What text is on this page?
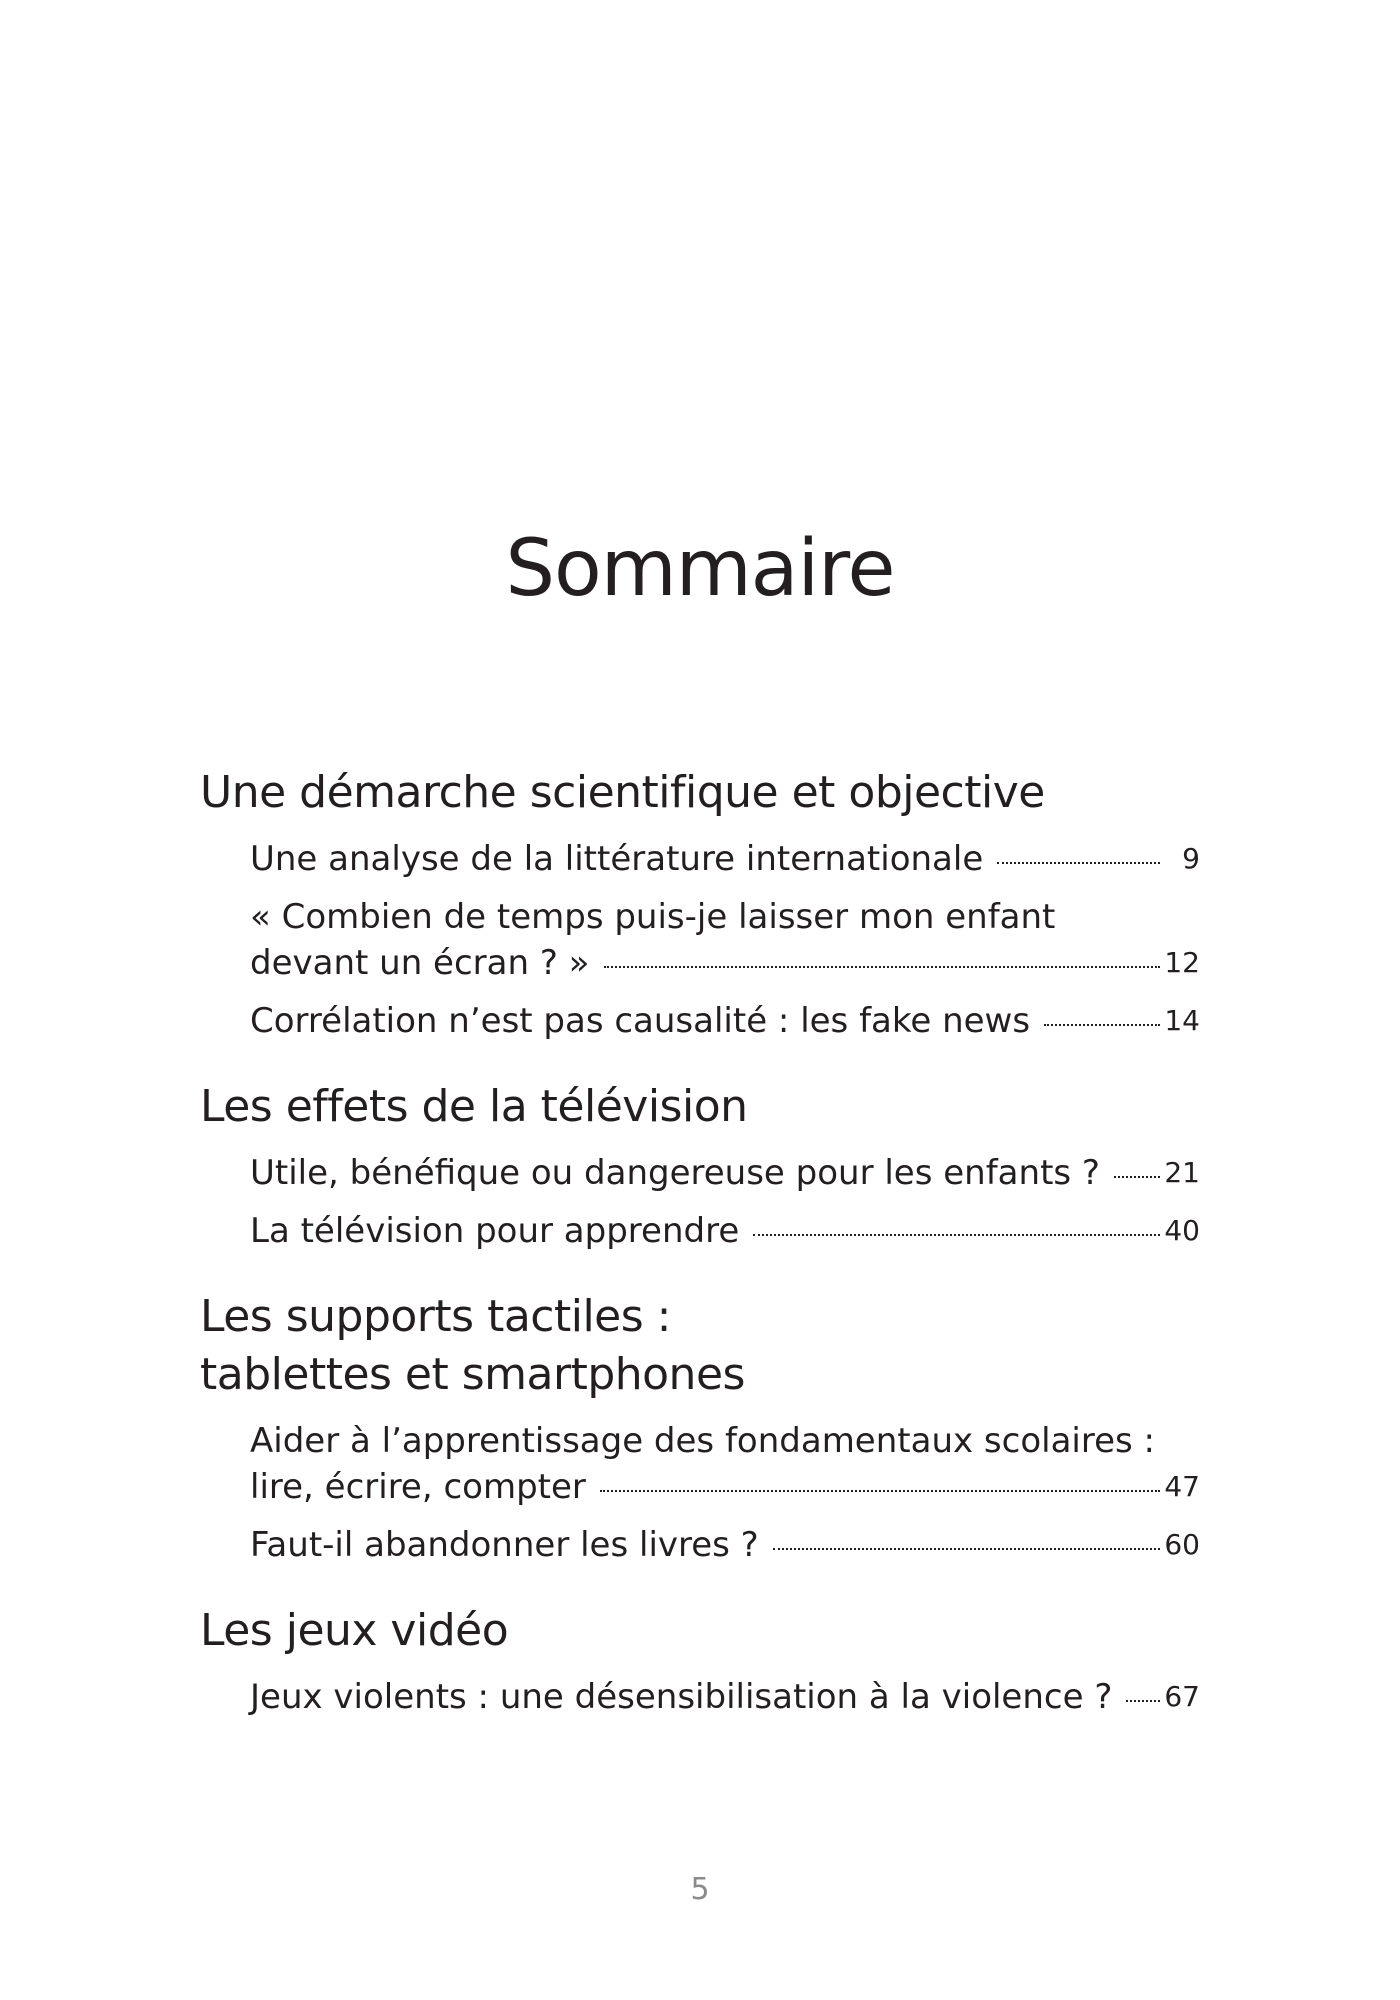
Sommaire
Une démarche scientifique et objective
Une analyse de la littérature internationale	9
« Combien de temps puis-je laisser mon enfant
devant un écran ? »	12
Corrélation n’est pas causalité : les fake news	14
Les effets de la télévision
Utile, bénéfique ou dangereuse pour les enfants ?	21
La télévision pour apprendre	40
Les supports tactiles :
tablettes et smartphones
Aider à l’apprentissage des fondamentaux scolaires :
lire, écrire, compter	47
Faut-il abandonner les livres ?	60
Les jeux vidéo
Jeux violents : une désensibilisation à la violence ?	67
5
